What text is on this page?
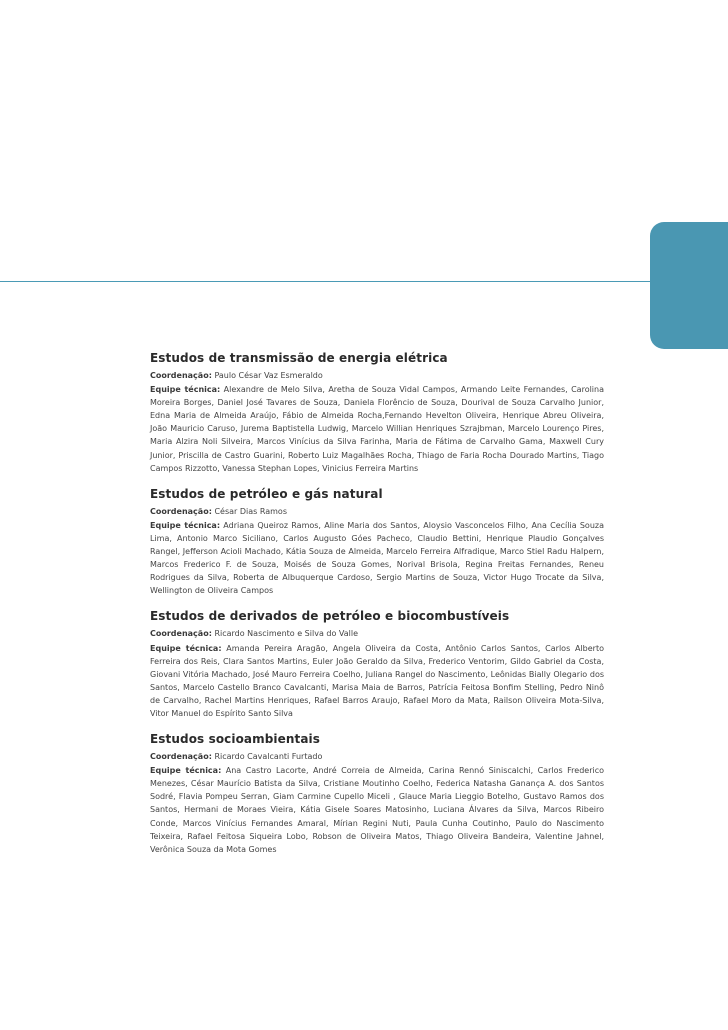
Estudos de transmissão de energia elétrica

Coordenação: Paulo César Vaz Esmeraldo

Equipe técnica: Alexandre de Melo Silva, Aretha de Souza Vidal Campos, Armando Leite Fernandes, Carolina Moreira Borges, Daniel José Tavares de Souza, Daniela Florêncio de Souza, Dourival de Souza Carvalho Junior, Edna Maria de Almeida Araújo, Fábio de Almeida Rocha,Fernando Hevelton Oliveira, Henrique Abreu Oliveira, João Mauricio Caruso, Jurema Baptistella Ludwig, Marcelo Willian Henriques Szrajbman, Marcelo Lourenço Pires, Maria Alzira Noli Silveira, Marcos Vinícius da Silva Farinha, Maria de Fátima de Carvalho Gama, Maxwell Cury Junior, Priscilla de Castro Guarini, Roberto Luiz Magalhães Rocha, Thiago de Faria Rocha Dourado Martins, Tiago Campos Rizzotto, Vanessa Stephan Lopes, Vinicius Ferreira Martins

Estudos de petróleo e gás natural

Coordenação: César Dias Ramos

Equipe técnica: Adriana Queiroz Ramos, Aline Maria dos Santos, Aloysio Vasconcelos Filho, Ana Cecília Souza Lima, Antonio Marco Siciliano, Carlos Augusto Góes Pacheco, Claudio Bettini, Henrique Plaudio Gonçalves Rangel, Jefferson Acioli Machado, Kátia Souza de Almeida, Marcelo Ferreira Alfradique, Marco Stiel Radu Halpern, Marcos Frederico F. de Souza, Moisés de Souza Gomes, Norival Brisola, Regina Freitas Fernandes, Reneu Rodrigues da Silva, Roberta de Albuquerque Cardoso, Sergio Martins de Souza, Victor Hugo Trocate da Silva, Wellington de Oliveira Campos

Estudos de derivados de petróleo e biocombustíveis

Coordenação: Ricardo Nascimento e Silva do Valle

Equipe técnica: Amanda Pereira Aragão, Angela Oliveira da Costa, Antônio Carlos Santos, Carlos Alberto Ferreira dos Reis, Clara Santos Martins, Euler João Geraldo da Silva, Frederico Ventorim, Gildo Gabriel da Costa, Giovani Vitória Machado, José Mauro Ferreira Coelho, Juliana Rangel do Nascimento, Leônidas Bially Olegario dos Santos, Marcelo Castello Branco Cavalcanti, Marisa Maia de Barros, Patrícia Feitosa Bonfim Stelling, Pedro Ninô de Carvalho, Rachel Martins Henriques, Rafael Barros Araujo, Rafael Moro da Mata, Railson Oliveira Mota-Silva, Vitor Manuel do Espírito Santo Silva

Estudos socioambientais

Coordenação: Ricardo Cavalcanti Furtado

Equipe técnica: Ana Castro Lacorte, André Correia de Almeida, Carina Rennó Siniscalchi, Carlos Frederico Menezes, César Maurício Batista da Silva, Cristiane Moutinho Coelho, Federica Natasha Ganança A. dos Santos Sodré, Flavia Pompeu Serran, Giam Carmine Cupello Miceli , Glauce Maria Lieggio Botelho, Gustavo Ramos dos Santos, Hermani de Moraes Vieira, Kátia Gisele Soares Matosinho, Luciana Álvares da Silva, Marcos Ribeiro Conde, Marcos Vinícius Fernandes Amaral, Mírian Regini Nuti, Paula Cunha Coutinho, Paulo do Nascimento Teixeira, Rafael Feitosa Siqueira Lobo, Robson de Oliveira Matos, Thiago Oliveira Bandeira, Valentine Jahnel, Verônica Souza da Mota Gomes
